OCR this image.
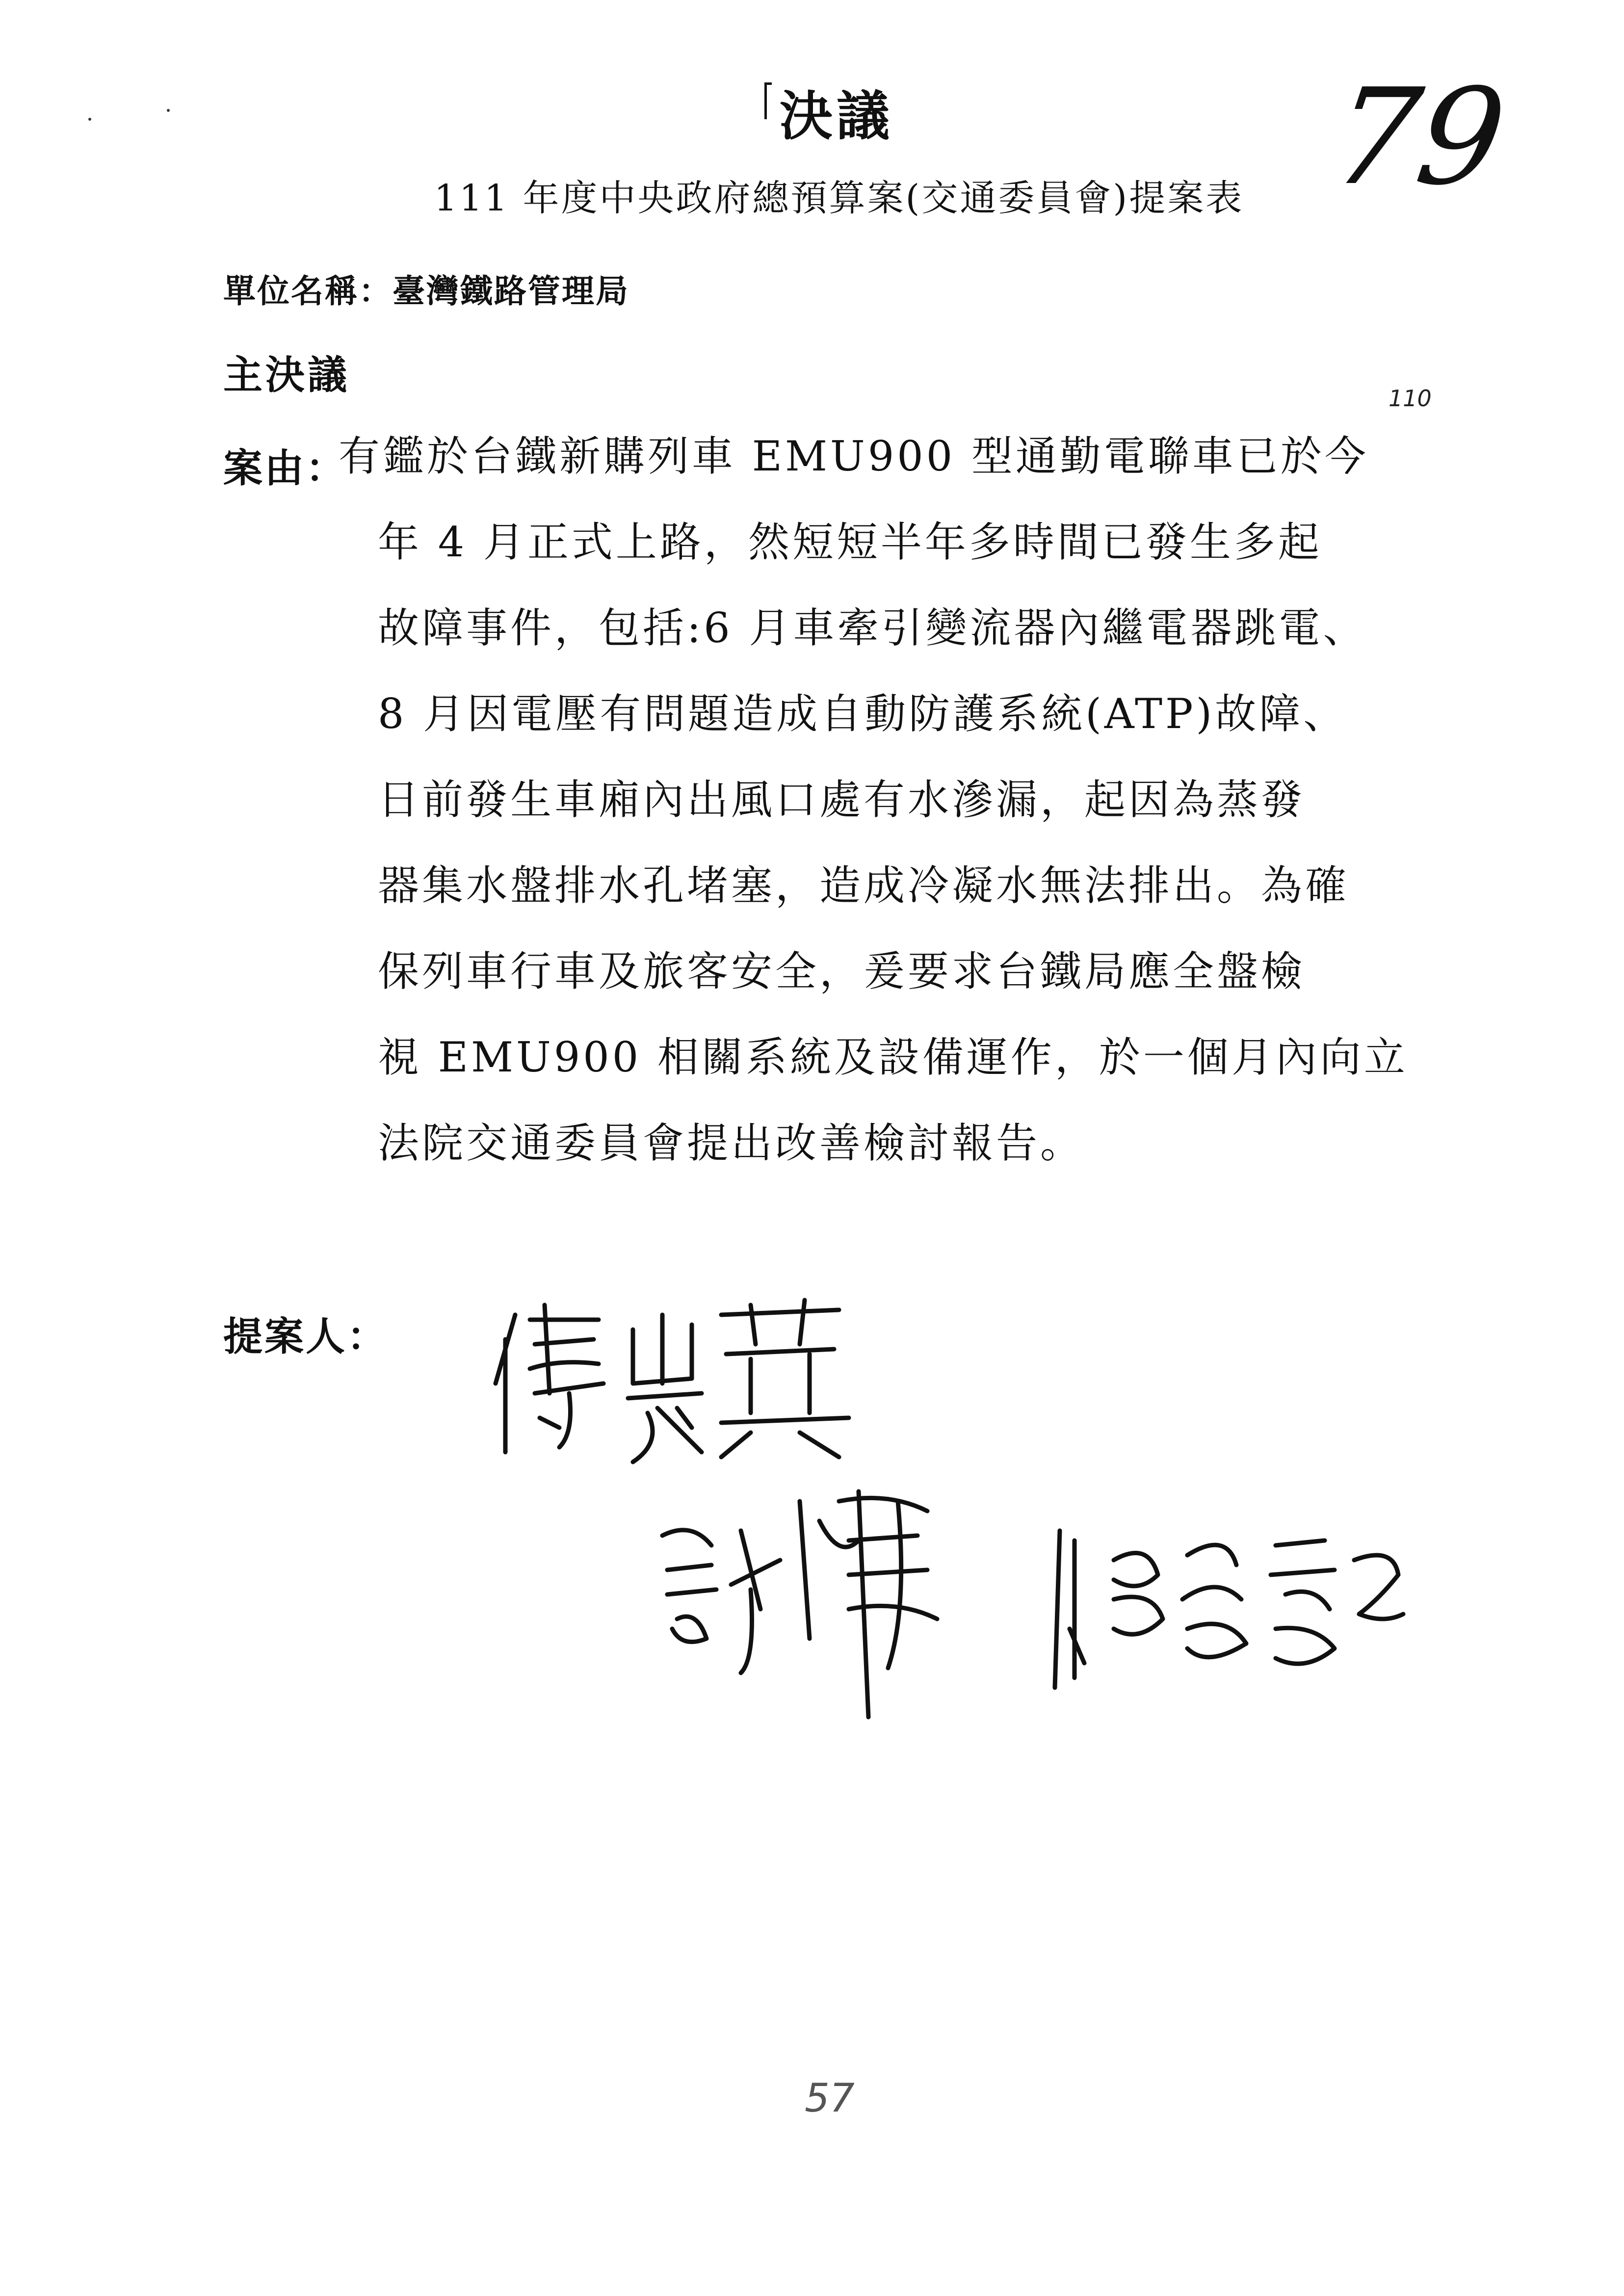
決議
111 年度中央政府總預算案(交通委員會)提案表 79
單位名稱：臺灣鐵路管理局
主決議
110
案由：
有鑑於台鐵新購列車 EMU900 型通勤電聯車已於今
年 4 月正式上路，然短短半年多時間已發生多起
故障事件，包括:6 月車牽引變流器內繼電器跳電、
8 月因電壓有問題造成自動防護系統(ATP)故障、
日前發生車廂內出風口處有水滲漏，起因為蒸發
器集水盤排水孔堵塞，造成冷凝水無法排出。為確
保列車行車及旅客安全，爰要求台鐵局應全盤檢
視 EMU900 相關系統及設備運作，於一個月內向立
法院交通委員會提出改善檢討報告。
提案人：
57
